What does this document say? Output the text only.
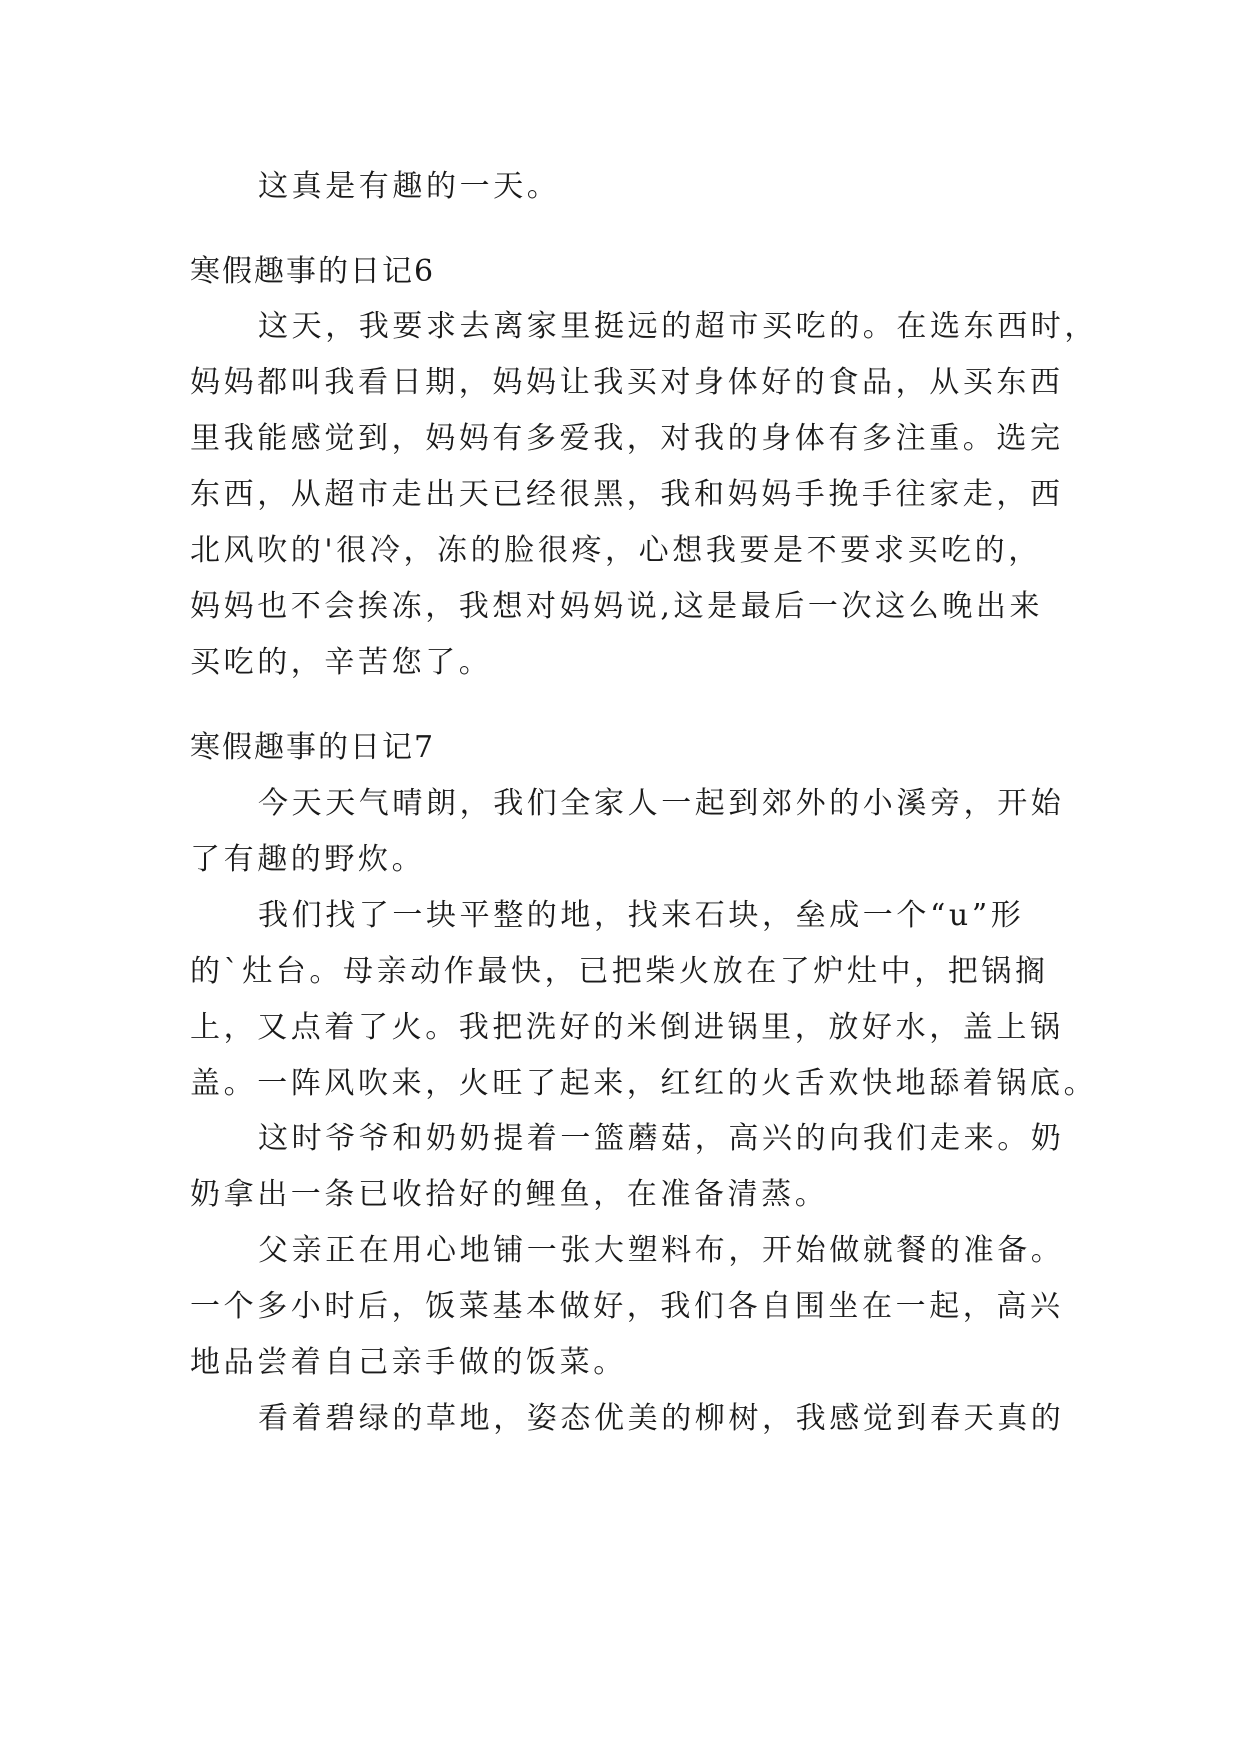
这真是有趣的一天。
寒假趣事的日记6
这天，我要求去离家里挺远的超市买吃的。在选东西时，
妈妈都叫我看日期，妈妈让我买对身体好的食品，从买东西
里我能感觉到，妈妈有多爱我，对我的身体有多注重。选完
东西，从超市走出天已经很黑，我和妈妈手挽手往家走，西
北风吹的'很冷，冻的脸很疼，心想我要是不要求买吃的，
妈妈也不会挨冻，我想对妈妈说,这是最后一次这么晚出来
买吃的，辛苦您了。
寒假趣事的日记7
今天天气晴朗，我们全家人一起到郊外的小溪旁，开始
了有趣的野炊。
我们找了一块平整的地，找来石块，垒成一个“u”形
的`灶台。母亲动作最快，已把柴火放在了炉灶中，把锅搁
上，又点着了火。我把洗好的米倒进锅里，放好水，盖上锅
盖。一阵风吹来，火旺了起来，红红的火舌欢快地舔着锅底。
这时爷爷和奶奶提着一篮蘑菇，高兴的向我们走来。奶
奶拿出一条已收拾好的鲤鱼，在准备清蒸。
父亲正在用心地铺一张大塑料布，开始做就餐的准备。
一个多小时后，饭菜基本做好，我们各自围坐在一起，高兴
地品尝着自己亲手做的饭菜。
看着碧绿的草地，姿态优美的柳树，我感觉到春天真的
